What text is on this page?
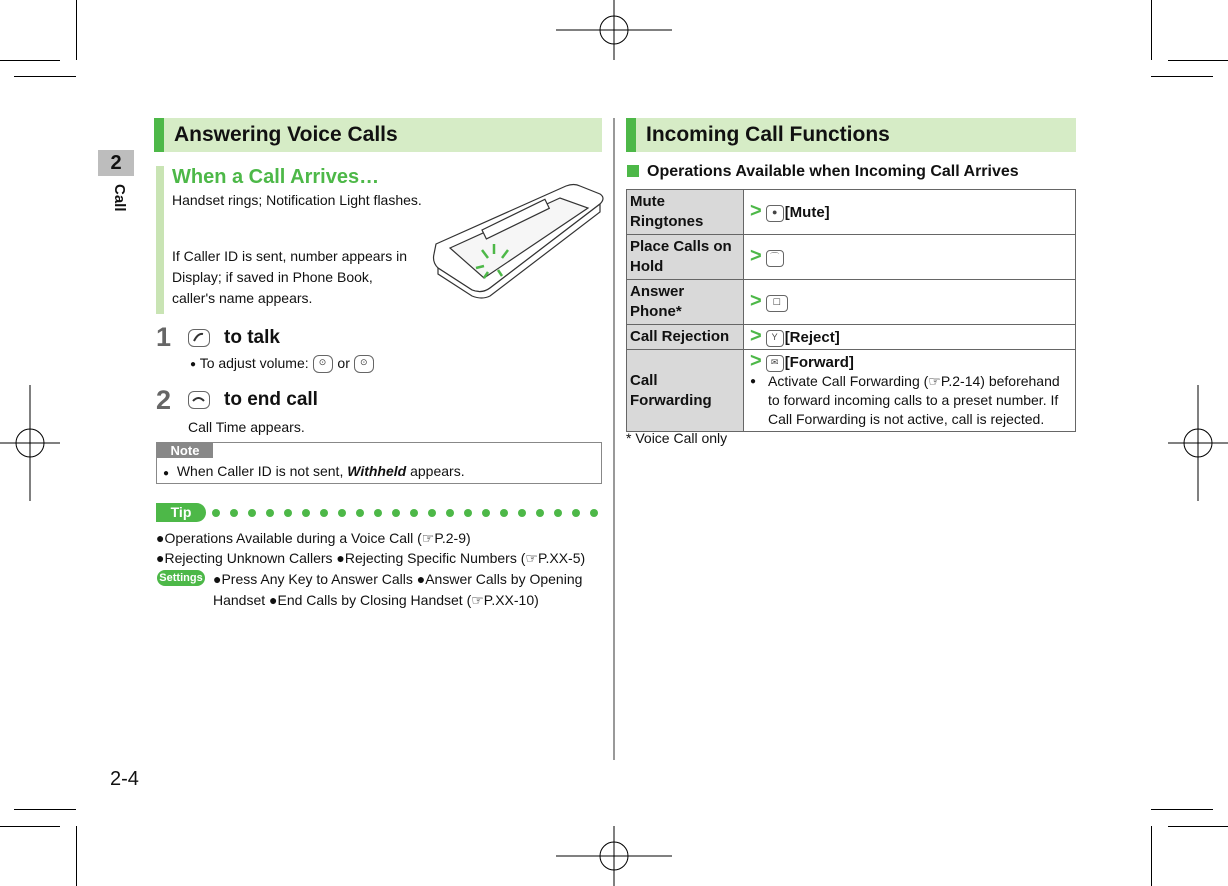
2
Call
2-4
Answering Voice Calls
When a Call Arrives…
Handset rings; Notification Light flashes.
If Caller ID is sent, number appears in Display; if saved in Phone Book, caller's name appears.
1	to talk
● To adjust volume: ⊙ or ⊙
2	to end call
Call Time appears.
Note
● When Caller ID is not sent, Withheld appears.
Tip
●Operations Available during a Voice Call (☞P.2-9)
●Rejecting Unknown Callers ●Rejecting Specific Numbers (☞P.XX-5)
Settings ●Press Any Key to Answer Calls ●Answer Calls by Opening
Handset ●End Calls by Closing Handset (☞P.XX-10)
Incoming Call Functions
Operations Available when Incoming Call Arrives
Mute Ringtones	> ● [Mute]
Place Calls on Hold	> ⌒
Answer Phone*	> ☐
Call Rejection	> Y [Reject]
Call Forwarding	> ✉ [Forward]
● Activate Call Forwarding (☞P.2-14) beforehand to forward incoming calls to a preset number. If Call Forwarding is not active, call is rejected.
* Voice Call only
